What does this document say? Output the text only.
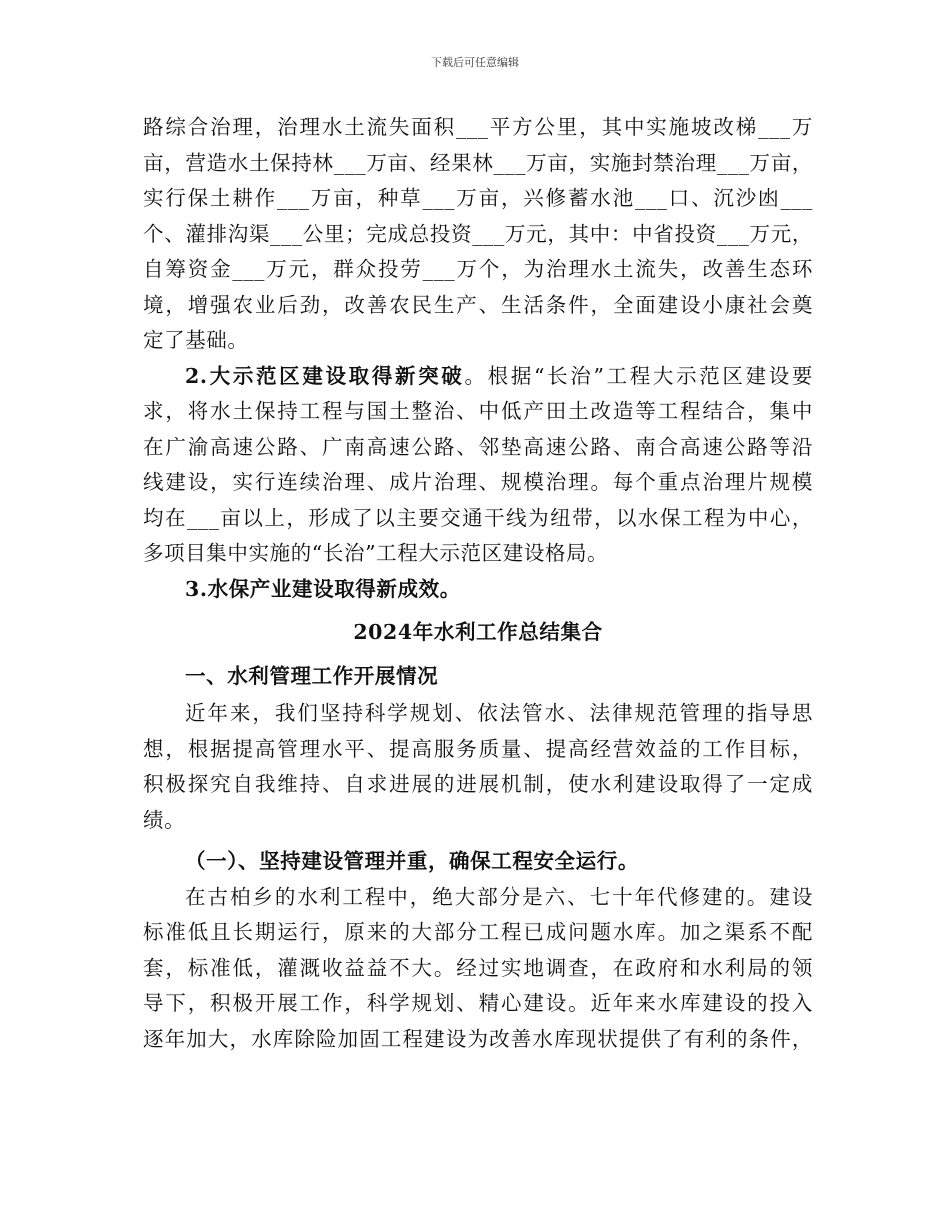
下载后可任意编辑
路综合治理，治理水土流失面积___平方公里，其中实施坡改梯___万
亩，营造水土保持林___万亩、经果林___万亩，实施封禁治理___万亩，
实行保土耕作___万亩，种草___万亩，兴修蓄水池___口、沉沙凼___
个、灌排沟渠___公里；完成总投资___万元，其中：中省投资___万元，
自筹资金___万元，群众投劳___万个，为治理水土流失，改善生态环
境，增强农业后劲，改善农民生产、生活条件，全面建设小康社会奠
定了基础。
2.大示范区建设取得新突破。根据“长治”工程大示范区建设要
求，将水土保持工程与国土整治、中低产田土改造等工程结合，集中
在广渝高速公路、广南高速公路、邻垫高速公路、南合高速公路等沿
线建设，实行连续治理、成片治理、规模治理。每个重点治理片规模
均在___亩以上，形成了以主要交通干线为纽带，以水保工程为中心，
多项目集中实施的“长治”工程大示范区建设格局。
3.水保产业建设取得新成效。
2024年水利工作总结集合
一、水利管理工作开展情况
近年来，我们坚持科学规划、依法管水、法律规范管理的指导思
想，根据提高管理水平、提高服务质量、提高经营效益的工作目标，
积极探究自我维持、自求进展的进展机制，使水利建设取得了一定成
绩。
（一）、坚持建设管理并重，确保工程安全运行。
在古柏乡的水利工程中，绝大部分是六、七十年代修建的。建设
标准低且长期运行，原来的大部分工程已成问题水库。加之渠系不配
套，标准低，灌溉收益益不大。经过实地调查，在政府和水利局的领
导下，积极开展工作，科学规划、精心建设。近年来水库建设的投入
逐年加大，水库除险加固工程建设为改善水库现状提供了有利的条件，
